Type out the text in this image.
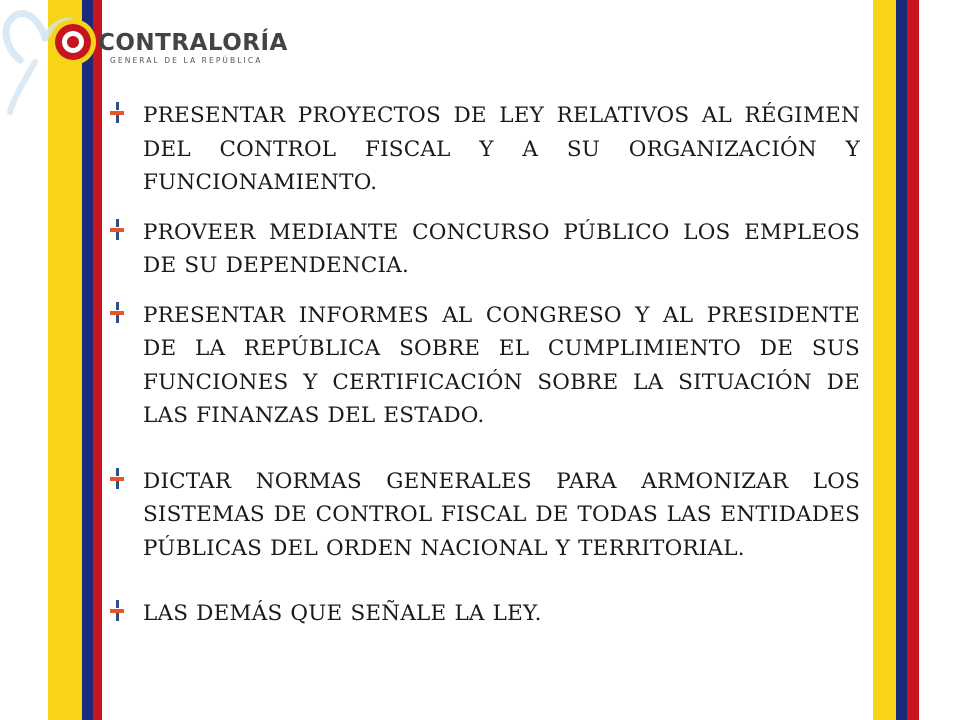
CONTRALORÍA
GENERAL DE LA REPÚBLICA

PRESENTAR PROYECTOS DE LEY RELATIVOS AL RÉGIMEN DEL CONTROL FISCAL Y A SU ORGANIZACIÓN Y FUNCIONAMIENTO.

PROVEER MEDIANTE CONCURSO PÚBLICO LOS EMPLEOS DE SU DEPENDENCIA.

PRESENTAR INFORMES AL CONGRESO Y AL PRESIDENTE DE LA REPÚBLICA SOBRE EL CUMPLIMIENTO DE SUS FUNCIONES Y CERTIFICACIÓN SOBRE LA SITUACIÓN DE LAS FINANZAS DEL ESTADO.

DICTAR NORMAS GENERALES PARA ARMONIZAR LOS SISTEMAS DE CONTROL FISCAL DE TODAS LAS ENTIDADES PÚBLICAS DEL ORDEN NACIONAL Y TERRITORIAL.

LAS DEMÁS QUE SEÑALE LA LEY.
